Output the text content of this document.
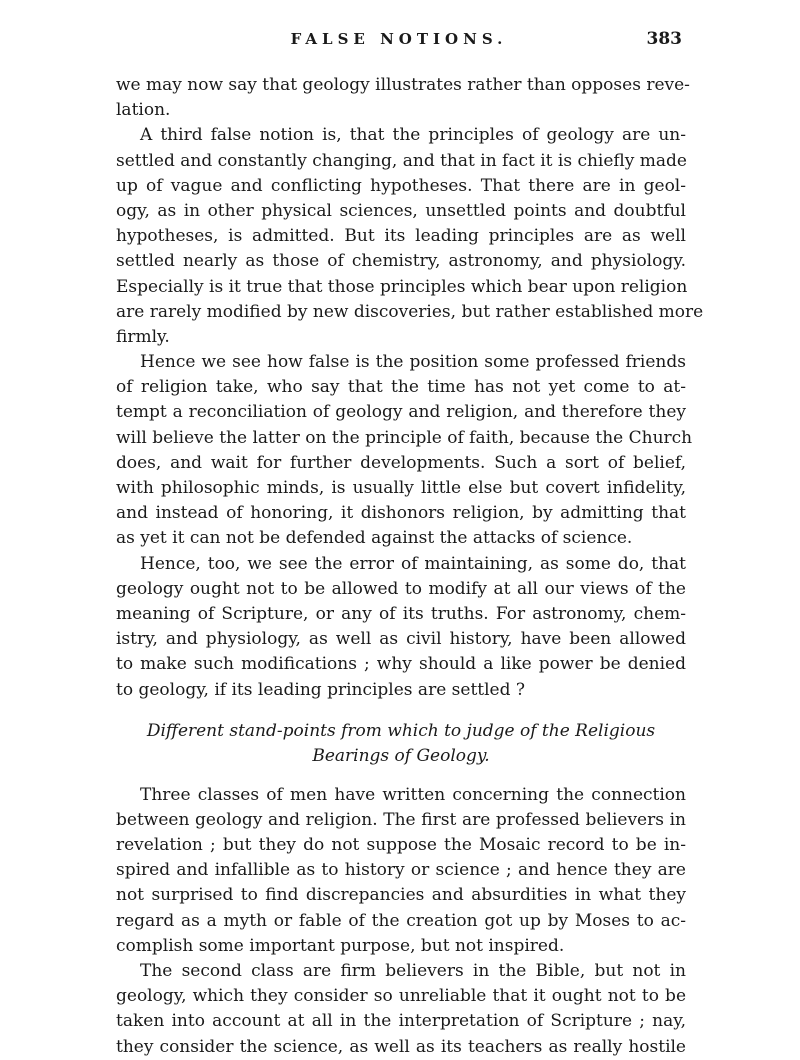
FALSE NOTIONS.	383
we may now say that geology illustrates rather than opposes reve-
lation.
A third false notion is, that the principles of geology are un-
settled and constantly changing, and that in fact it is chiefly made
up of vague and conflicting hypotheses. That there are in geol-
ogy, as in other physical sciences, unsettled points and doubtful
hypotheses, is admitted. But its leading principles are as well
settled nearly as those of chemistry, astronomy, and physiology.
Especially is it true that those principles which bear upon religion
are rarely modified by new discoveries, but rather established more
firmly.
Hence we see how false is the position some professed friends
of religion take, who say that the time has not yet come to at-
tempt a reconciliation of geology and religion, and therefore they
will believe the latter on the principle of faith, because the Church
does, and wait for further developments. Such a sort of belief,
with philosophic minds, is usually little else but covert infidelity,
and instead of honoring, it dishonors religion, by admitting that
as yet it can not be defended against the attacks of science.
Hence, too, we see the error of maintaining, as some do, that
geology ought not to be allowed to modify at all our views of the
meaning of Scripture, or any of its truths. For astronomy, chem-
istry, and physiology, as well as civil history, have been allowed
to make such modifications ; why should a like power be denied
to geology, if its leading principles are settled ?
Different stand-points from which to judge of the Religious
Bearings of Geology.
Three classes of men have written concerning the connection
between geology and religion. The first are professed believers in
revelation ; but they do not suppose the Mosaic record to be in-
spired and infallible as to history or science ; and hence they are
not surprised to find discrepancies and absurdities in what they
regard as a myth or fable of the creation got up by Moses to ac-
complish some important purpose, but not inspired.
The second class are firm believers in the Bible, but not in
geology, which they consider so unreliable that it ought not to be
taken into account at all in the interpretation of Scripture ; nay,
they consider the science, as well as its teachers as really hostile
